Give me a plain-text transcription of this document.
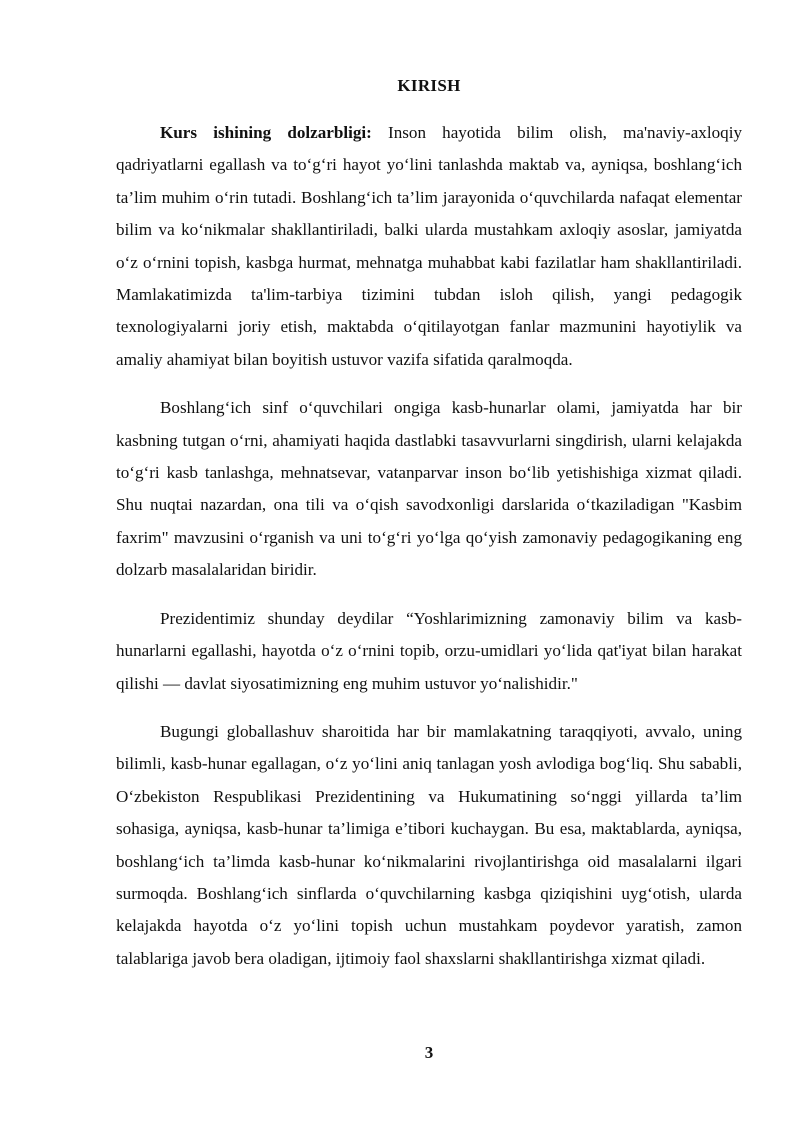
KIRISH

Kurs ishining dolzarbligi: Inson hayotida bilim olish, ma'naviy-axloqiy qadriyatlarni egallash va to‘g‘ri hayot yo‘lini tanlashda maktab va, ayniqsa, boshlang‘ich ta’lim muhim o‘rin tutadi. Boshlang‘ich ta’lim jarayonida o‘quvchilarda nafaqat elementar bilim va ko‘nikmalar shakllantiriladi, balki ularda mustahkam axloqiy asoslar, jamiyatda o‘z o‘rnini topish, kasbga hurmat, mehnatga muhabbat kabi fazilatlar ham shakllantiriladi. Mamlakatimizda ta'lim-tarbiya tizimini tubdan isloh qilish, yangi pedagogik texnologiyalarni joriy etish, maktabda o‘qitilayotgan fanlar mazmunini hayotiylik va amaliy ahamiyat bilan boyitish ustuvor vazifa sifatida qaralmoqda.

Boshlang‘ich sinf o‘quvchilari ongiga kasb-hunarlar olami, jamiyatda har bir kasbning tutgan o‘rni, ahamiyati haqida dastlabki tasavvurlarni singdirish, ularni kelajakda to‘g‘ri kasb tanlashga, mehnatsevar, vatanparvar inson bo‘lib yetishishiga xizmat qiladi. Shu nuqtai nazardan, ona tili va o‘qish savodxonligi darslarida o‘tkaziladigan "Kasbim faxrim" mavzusini o‘rganish va uni to‘g‘ri yo‘lga qo‘yish zamonaviy pedagogikaning eng dolzarb masalalaridan biridir.

Prezidentimiz shunday deydilar “Yoshlarimizning zamonaviy bilim va kasb-hunarlarni egallashi, hayotda o‘z o‘rnini topib, orzu-umidlari yo‘lida qat'iyat bilan harakat qilishi — davlat siyosatimizning eng muhim ustuvor yo‘nalishidir."

Bugungi globallashuv sharoitida har bir mamlakatning taraqqiyoti, avvalo, uning bilimli, kasb-hunar egallagan, o‘z yo‘lini aniq tanlagan yosh avlodiga bog‘liq. Shu sababli, O‘zbekiston Respublikasi Prezidentining va Hukumatining so‘nggi yillarda ta’lim sohasiga, ayniqsa, kasb-hunar ta’limiga e’tibori kuchaygan. Bu esa, maktablarda, ayniqsa, boshlang‘ich ta’limda kasb-hunar ko‘nikmalarini rivojlantirishga oid masalalarni ilgari surmoqda. Boshlang‘ich sinflarda o‘quvchilarning kasbga qiziqishini uyg‘otish, ularda kelajakda hayotda o‘z yo‘lini topish uchun mustahkam poydevor yaratish, zamon talablariga javob bera oladigan, ijtimoiy faol shaxslarni shakllantirishga xizmat qiladi.

3
